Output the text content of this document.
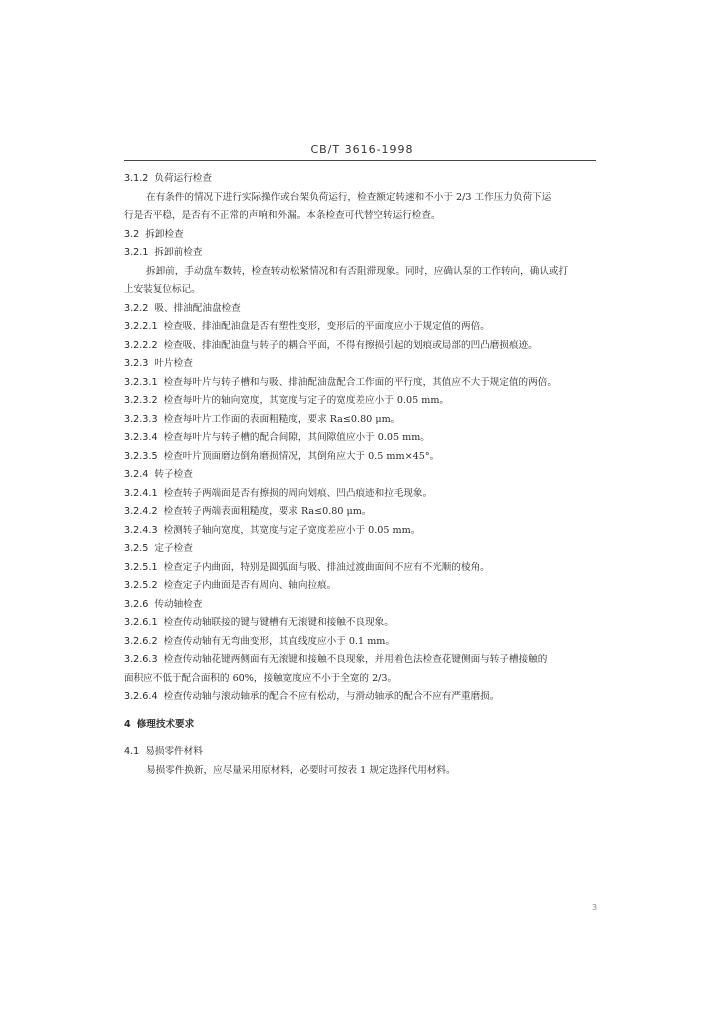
CB/T 3616-1998
3.1.2 负荷运行检查
在有条件的情况下进行实际操作或台架负荷运行，检查额定转速和不小于 2/3 工作压力负荷下运
行是否平稳，是否有不正常的声响和外漏。本条检查可代替空转运行检查。
3.2 拆卸检查
3.2.1 拆卸前检查
拆卸前，手动盘车数转，检查转动松紧情况和有否阻滞现象。同时，应确认泵的工作转向，确认或打
上安装复位标记。
3.2.2 吸、排油配油盘检查
3.2.2.1 检查吸、排油配油盘是否有塑性变形，变形后的平面度应小于规定值的两倍。
3.2.2.2 检查吸、排油配油盘与转子的耦合平面，不得有擦损引起的划痕或局部的凹凸磨损痕迹。
3.2.3 叶片检查
3.2.3.1 检查每叶片与转子槽和与吸、排油配油盘配合工作面的平行度，其值应不大于规定值的两倍。
3.2.3.2 检查每叶片的轴向宽度，其宽度与定子的宽度差应小于 0.05 mm。
3.2.3.3 检查每叶片工作面的表面粗糙度，要求 Ra≤0.80 μm。
3.2.3.4 检查每叶片与转子槽的配合间隙，其间隙值应小于 0.05 mm。
3.2.3.5 检查叶片顶面磨边倒角磨损情况，其倒角应大于 0.5 mm×45°。
3.2.4 转子检查
3.2.4.1 检查转子两端面是否有擦损的周向划痕、凹凸痕迹和拉毛现象。
3.2.4.2 检查转子两端表面粗糙度，要求 Ra≤0.80 μm。
3.2.4.3 检测转子轴向宽度，其宽度与定子宽度差应小于 0.05 mm。
3.2.5 定子检查
3.2.5.1 检查定子内曲面，特别是圆弧面与吸、排油过渡曲面间不应有不光顺的棱角。
3.2.5.2 检查定子内曲面是否有周向、轴向拉痕。
3.2.6 传动轴检查
3.2.6.1 检查传动轴联接的键与键槽有无滚键和接触不良现象。
3.2.6.2 检查传动轴有无弯曲变形，其直线度应小于 0.1 mm。
3.2.6.3 检查传动轴花键两侧面有无滚键和接触不良现象，并用着色法检查花键侧面与转子槽接触的
面积应不低于配合面积的 60%，接触宽度应不小于全宽的 2/3。
3.2.6.4 检查传动轴与滚动轴承的配合不应有松动，与滑动轴承的配合不应有严重磨损。
4 修理技术要求
4.1 易损零件材料
易损零件换新，应尽量采用原材料，必要时可按表 1 规定选择代用材料。
3
